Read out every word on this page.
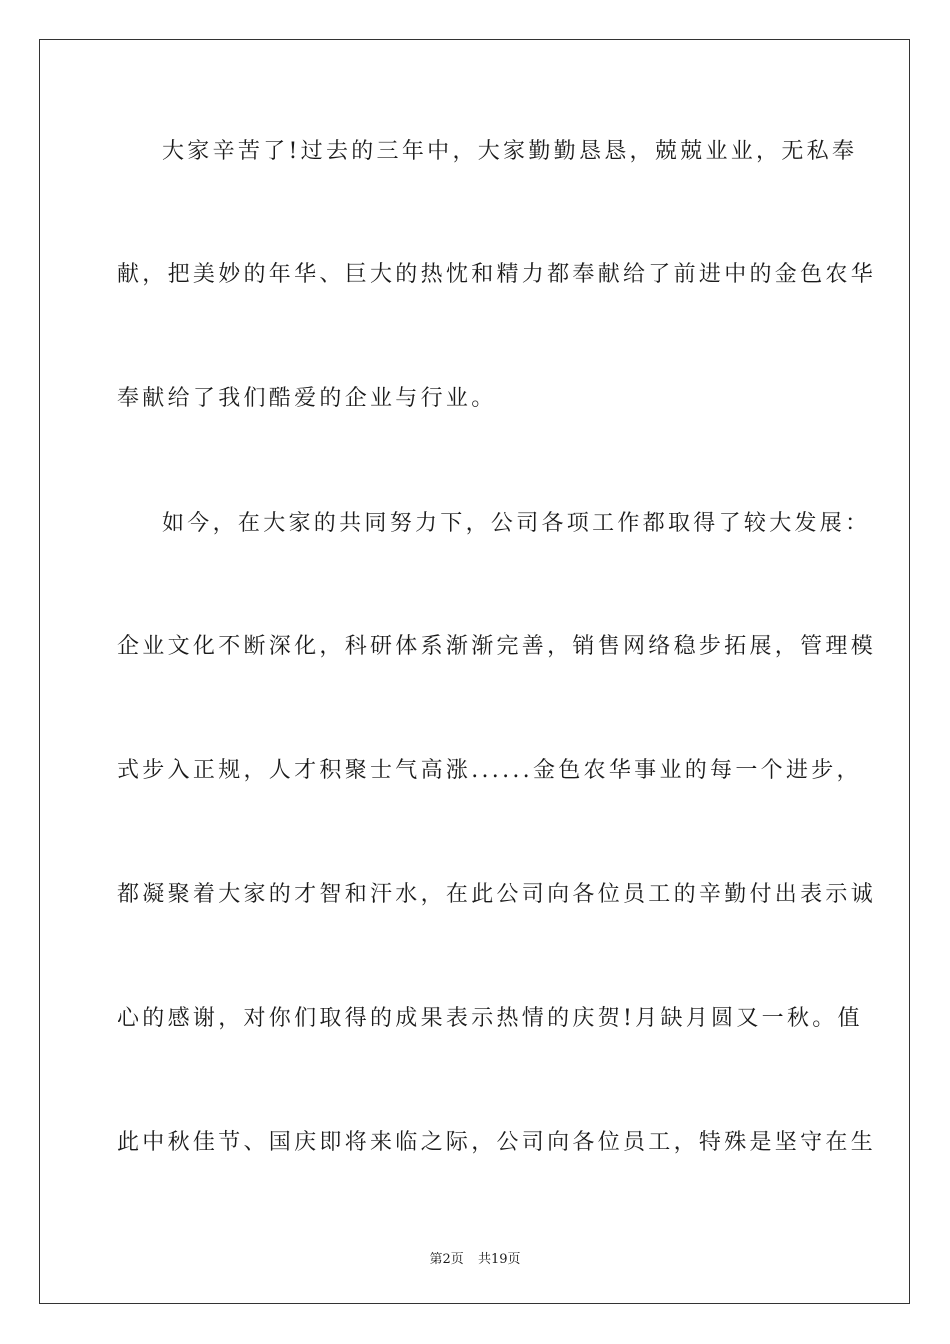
大家辛苦了!过去的三年中，大家勤勤恳恳，兢兢业业，无私奉
献，把美妙的年华、巨大的热忱和精力都奉献给了前进中的金色农华
奉献给了我们酷爱的企业与行业。
如今，在大家的共同努力下，公司各项工作都取得了较大发展：
企业文化不断深化，科研体系渐渐完善，销售网络稳步拓展，管理模
式步入正规，人才积聚士气高涨......金色农华事业的每一个进步，
都凝聚着大家的才智和汗水，在此公司向各位员工的辛勤付出表示诚
心的感谢，对你们取得的成果表示热情的庆贺!月缺月圆又一秋。值
此中秋佳节、国庆即将来临之际，公司向各位员工，特殊是坚守在生
第2页 共19页
